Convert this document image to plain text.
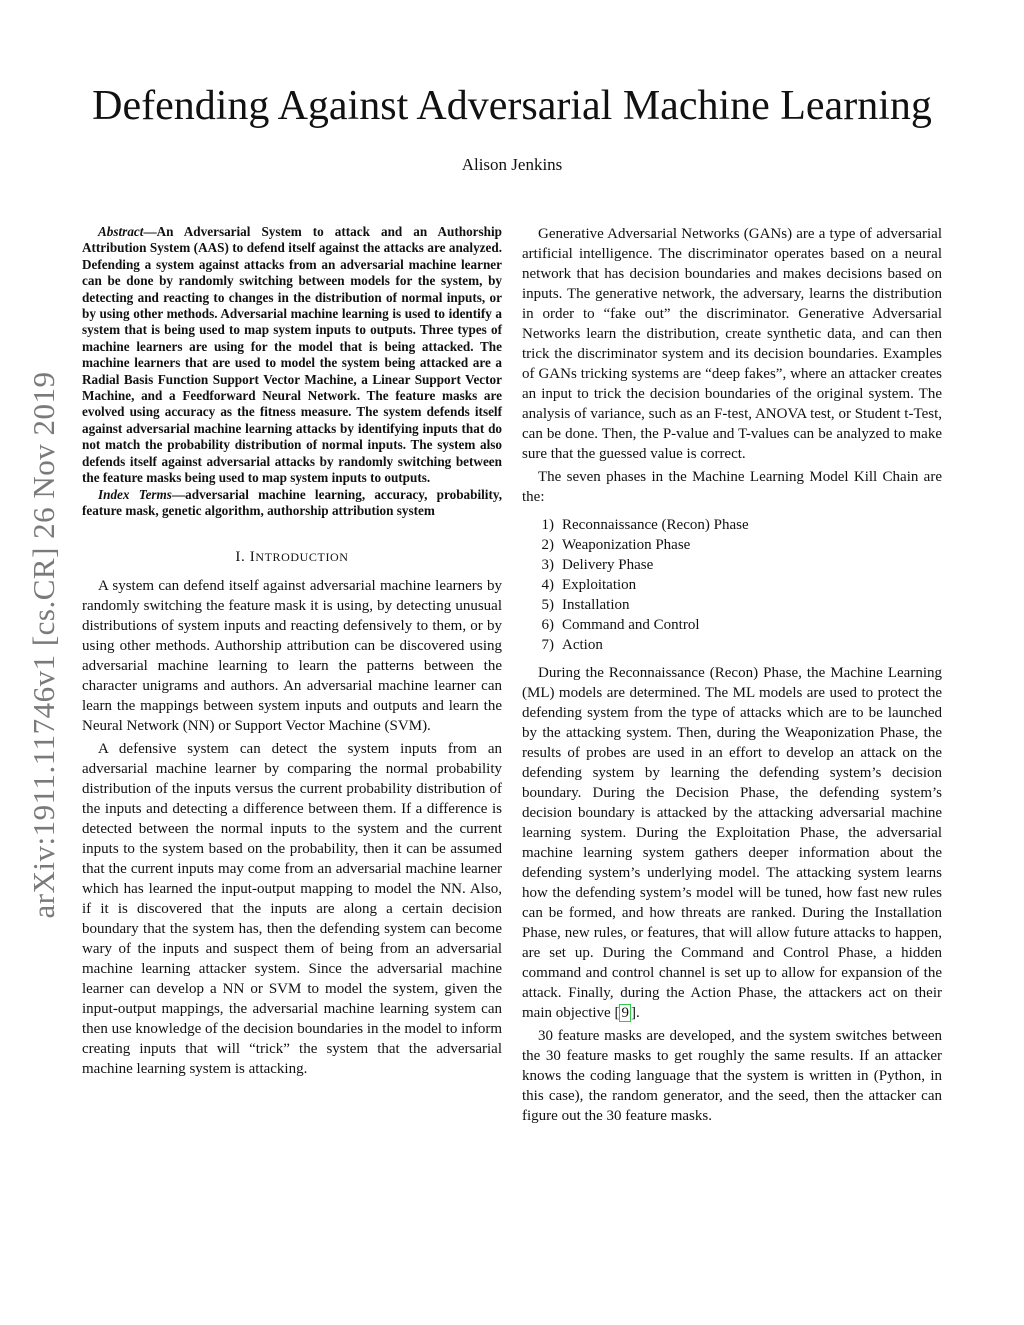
arXiv:1911.11746v1 [cs.CR] 26 Nov 2019
Defending Against Adversarial Machine Learning
Alison Jenkins

Abstract—An Adversarial System to attack and an Authorship Attribution System (AAS) to defend itself against the attacks are analyzed. Defending a system against attacks from an adversarial machine learner can be done by randomly switching between models for the system, by detecting and reacting to changes in the distribution of normal inputs, or by using other methods. Adversarial machine learning is used to identify a system that is being used to map system inputs to outputs. Three types of machine learners are using for the model that is being attacked. The machine learners that are used to model the system being attacked are a Radial Basis Function Support Vector Machine, a Linear Support Vector Machine, and a Feedforward Neural Network. The feature masks are evolved using accuracy as the fitness measure. The system defends itself against adversarial machine learning attacks by identifying inputs that do not match the probability distribution of normal inputs. The system also defends itself against adversarial attacks by randomly switching between the feature masks being used to map system inputs to outputs.

Index Terms—adversarial machine learning, accuracy, probability, feature mask, genetic algorithm, authorship attribution system

I. INTRODUCTION

A system can defend itself against adversarial machine learners by randomly switching the feature mask it is using, by detecting unusual distributions of system inputs and reacting defensively to them, or by using other methods. Authorship attribution can be discovered using adversarial machine learning to learn the patterns between the character unigrams and authors. An adversarial machine learner can learn the mappings between system inputs and outputs and learn the Neural Network (NN) or Support Vector Machine (SVM).

A defensive system can detect the system inputs from an adversarial machine learner by comparing the normal probability distribution of the inputs versus the current probability distribution of the inputs and detecting a difference between them. If a difference is detected between the normal inputs to the system and the current inputs to the system based on the probability, then it can be assumed that the current inputs may come from an adversarial machine learner which has learned the input-output mapping to model the NN. Also, if it is discovered that the inputs are along a certain decision boundary that the system has, then the defending system can become wary of the inputs and suspect them of being from an adversarial machine learning attacker system. Since the adversarial machine learner can develop a NN or SVM to model the system, given the input-output mappings, the adversarial machine learning system can then use knowledge of the decision boundaries in the model to inform creating inputs that will “trick” the system that the adversarial machine learning system is attacking.

Generative Adversarial Networks (GANs) are a type of adversarial artificial intelligence. The discriminator operates based on a neural network that has decision boundaries and makes decisions based on inputs. The generative network, the adversary, learns the distribution in order to “fake out” the discriminator. Generative Adversarial Networks learn the distribution, create synthetic data, and can then trick the discriminator system and its decision boundaries. Examples of GANs tricking systems are “deep fakes”, where an attacker creates an input to trick the decision boundaries of the original system. The analysis of variance, such as an F-test, ANOVA test, or Student t-Test, can be done. Then, the P-value and T-values can be analyzed to make sure that the guessed value is correct.

The seven phases in the Machine Learning Model Kill Chain are the:

1) Reconnaissance (Recon) Phase
2) Weaponization Phase
3) Delivery Phase
4) Exploitation
5) Installation
6) Command and Control
7) Action

During the Reconnaissance (Recon) Phase, the Machine Learning (ML) models are determined. The ML models are used to protect the defending system from the type of attacks which are to be launched by the attacking system. Then, during the Weaponization Phase, the results of probes are used in an effort to develop an attack on the defending system by learning the defending system’s decision boundary. During the Decision Phase, the defending system’s decision boundary is attacked by the attacking adversarial machine learning system. During the Exploitation Phase, the adversarial machine learning system gathers deeper information about the defending system’s underlying model. The attacking system learns how the defending system’s model will be tuned, how fast new rules can be formed, and how threats are ranked. During the Installation Phase, new rules, or features, that will allow future attacks to happen, are set up. During the Command and Control Phase, a hidden command and control channel is set up to allow for expansion of the attack. Finally, during the Action Phase, the attackers act on their main objective [ 9 ].

30 feature masks are developed, and the system switches between the 30 feature masks to get roughly the same results. If an attacker knows the coding language that the system is written in (Python, in this case), the random generator, and the seed, then the attacker can figure out the 30 feature masks.
